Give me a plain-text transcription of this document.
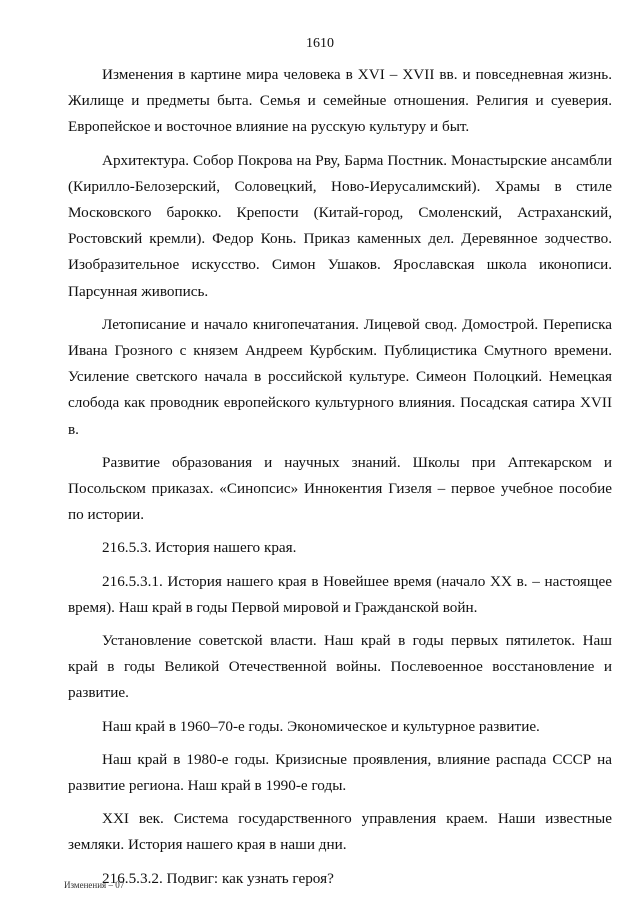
1610

Изменения в картине мира человека в XVI – XVII вв. и повседневная жизнь. Жилище и предметы быта. Семья и семейные отношения. Религия и суеверия. Европейское и восточное влияние на русскую культуру и быт.

Архитектура. Собор Покрова на Рву, Барма Постник. Монастырские ансамбли (Кирилло-Белозерский, Соловецкий, Ново-Иерусалимский). Храмы в стиле Московского барокко. Крепости (Китай-город, Смоленский, Астраханский, Ростовский кремли). Федор Конь. Приказ каменных дел. Деревянное зодчество. Изобразительное искусство. Симон Ушаков. Ярославская школа иконописи. Парсунная живопись.

Летописание и начало книгопечатания. Лицевой свод. Домострой. Переписка Ивана Грозного с князем Андреем Курбским. Публицистика Смутного времени. Усиление светского начала в российской культуре. Симеон Полоцкий. Немецкая слобода как проводник европейского культурного влияния. Посадская сатира XVII в.

Развитие образования и научных знаний. Школы при Аптекарском и Посольском приказах. «Синопсис» Иннокентия Гизеля – первое учебное пособие по истории.

216.5.3. История нашего края.

216.5.3.1. История нашего края в Новейшее время (начало XX в. – настоящее время). Наш край в годы Первой мировой и Гражданской войн.

Установление советской власти. Наш край в годы первых пятилеток. Наш край в годы Великой Отечественной войны. Послевоенное восстановление и развитие.

Наш край в 1960–70-е годы. Экономическое и культурное развитие.

Наш край в 1980-е годы. Кризисные проявления, влияние распада СССР на развитие региона. Наш край в 1990-е годы.

XXI век. Система государственного управления краем. Наши известные земляки. История нашего края в наши дни.

216.5.3.2. Подвиг: как узнать героя?

Изменения – 07
